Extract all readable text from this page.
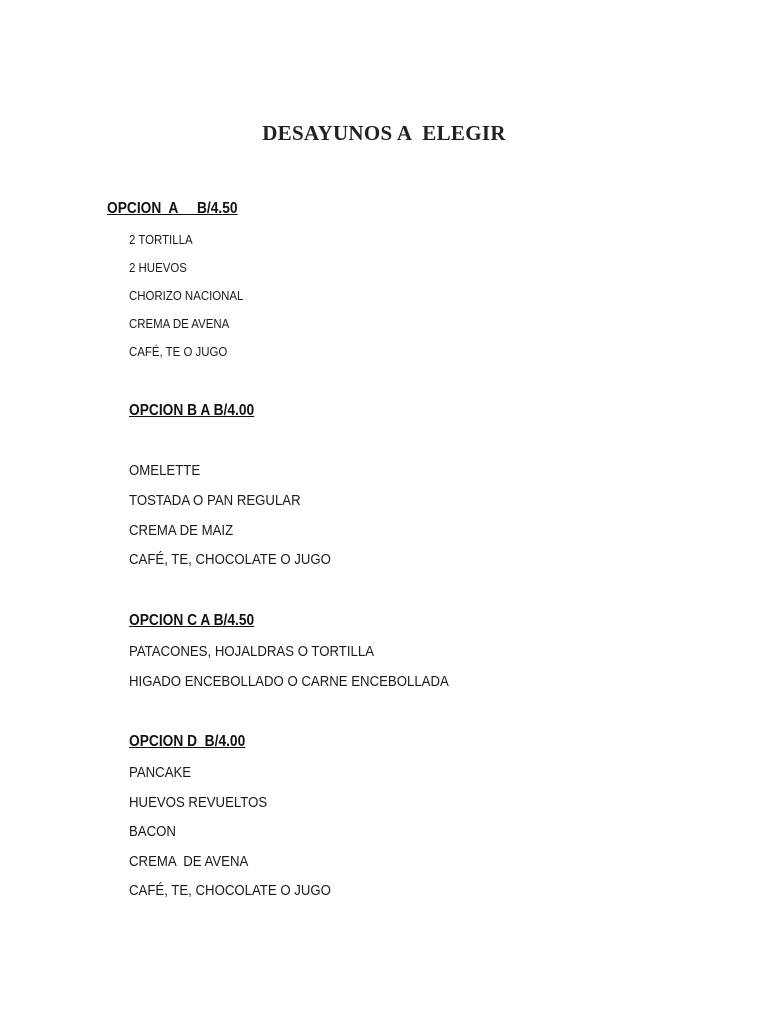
DESAYUNOS A  ELEGIR
OPCION  A     B/4.50
2 TORTILLA
2 HUEVOS
CHORIZO NACIONAL
CREMA DE AVENA
CAFÉ, TE O JUGO
OPCION B A B/4.00
OMELETTE
TOSTADA O PAN REGULAR
CREMA DE MAIZ
CAFÉ, TE, CHOCOLATE O JUGO
OPCION C A B/4.50
PATACONES, HOJALDRAS O TORTILLA
HIGADO ENCEBOLLADO O CARNE ENCEBOLLADA
OPCION D  B/4.00
PANCAKE
HUEVOS REVUELTOS
BACON
CREMA  DE AVENA
CAFÉ, TE, CHOCOLATE O JUGO
